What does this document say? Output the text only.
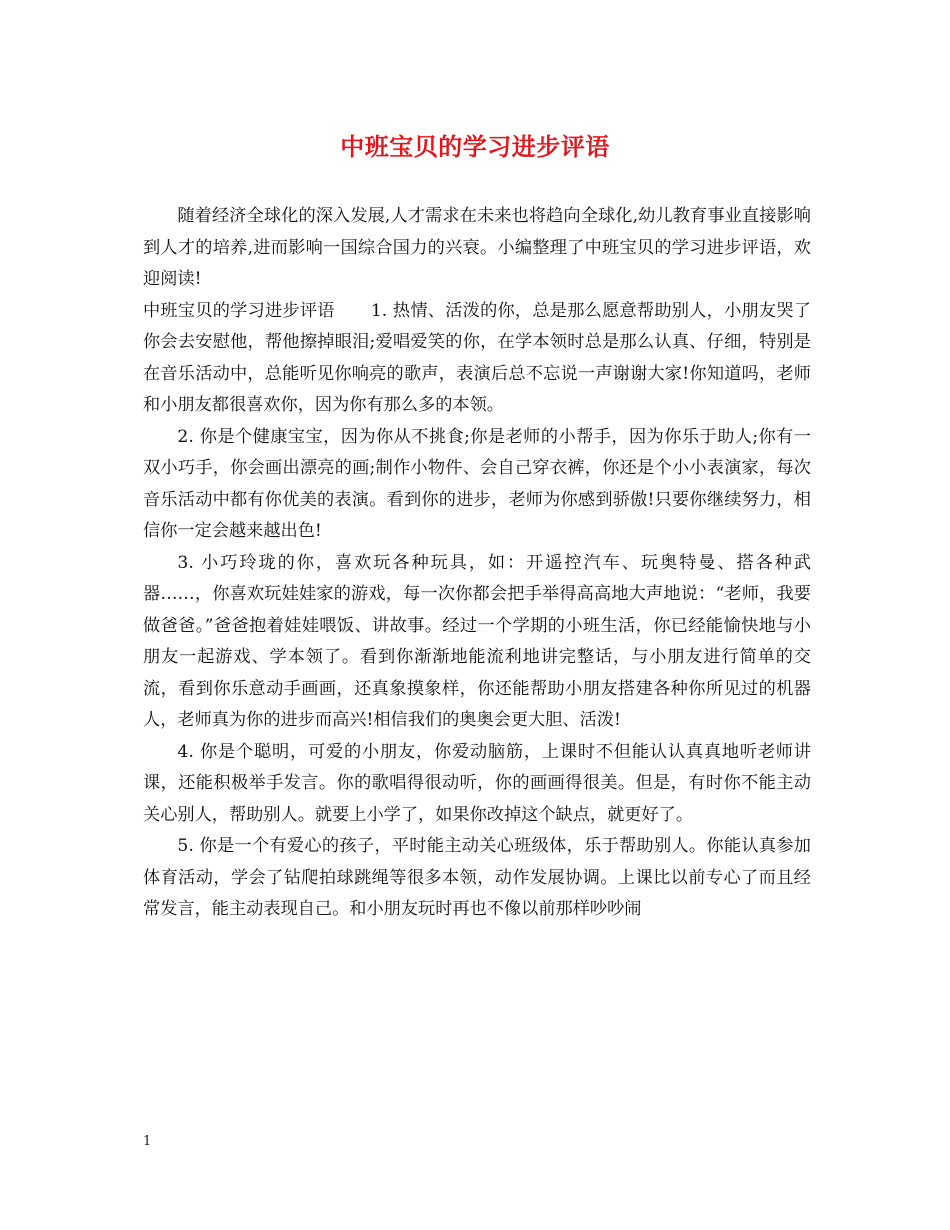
中班宝贝的学习进步评语

随着经济全球化的深入发展,人才需求在未来也将趋向全球化,幼儿教育事业直接影响到人才的培养,进而影响一国综合国力的兴衰。小编整理了中班宝贝的学习进步评语，欢迎阅读!

中班宝贝的学习进步评语 1. 热情、活泼的你，总是那么愿意帮助别人，小朋友哭了你会去安慰他，帮他擦掉眼泪;爱唱爱笑的你，在学本领时总是那么认真、仔细，特别是在音乐活动中，总能听见你响亮的歌声，表演后总不忘说一声谢谢大家!你知道吗，老师和小朋友都很喜欢你，因为你有那么多的本领。

2. 你是个健康宝宝，因为你从不挑食;你是老师的小帮手，因为你乐于助人;你有一双小巧手，你会画出漂亮的画;制作小物件、会自己穿衣裤，你还是个小小表演家，每次音乐活动中都有你优美的表演。看到你的进步，老师为你感到骄傲!只要你继续努力，相信你一定会越来越出色!

3. 小巧玲珑的你，喜欢玩各种玩具，如：开遥控汽车、玩奥特曼、搭各种武器……，你喜欢玩娃娃家的游戏，每一次你都会把手举得高高地大声地说：“老师，我要做爸爸。”爸爸抱着娃娃喂饭、讲故事。经过一个学期的小班生活，你已经能愉快地与小朋友一起游戏、学本领了。看到你渐渐地能流利地讲完整话，与小朋友进行简单的交流，看到你乐意动手画画，还真象摸象样，你还能帮助小朋友搭建各种你所见过的机器人，老师真为你的进步而高兴!相信我们的奥奥会更大胆、活泼!

4. 你是个聪明，可爱的小朋友，你爱动脑筋，上课时不但能认认真真地听老师讲课，还能积极举手发言。你的歌唱得很动听，你的画画得很美。但是，有时你不能主动关心别人，帮助别人。就要上小学了，如果你改掉这个缺点，就更好了。

5. 你是一个有爱心的孩子，平时能主动关心班级体，乐于帮助别人。你能认真参加体育活动，学会了钻爬拍球跳绳等很多本领，动作发展协调。上课比以前专心了而且经常发言，能主动表现自己。和小朋友玩时再也不像以前那样吵吵闹

1
